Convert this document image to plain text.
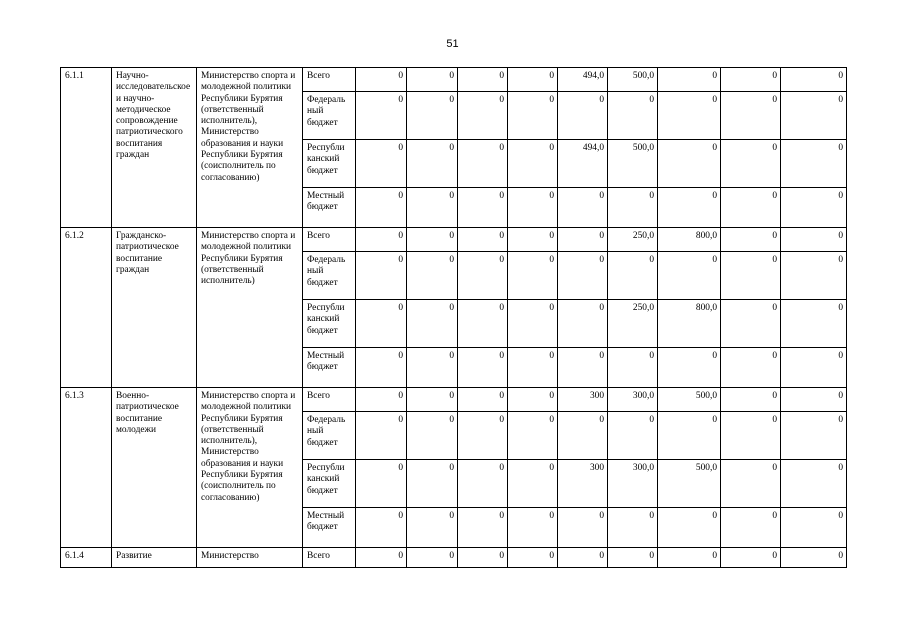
51
6.1.1	Научно-исследовательское и научно-методическое сопровождение патриотического воспитания граждан	Министерство спорта и молодежной политики Республики Бурятия (ответственный исполнитель), Министерство образования и науки Республики Бурятия (соисполнитель по согласованию)	Всего	0	0	0	0	494,0	500,0	0	0	0
			Федераль ный бюджет	0	0	0	0	0	0	0	0	0
			Республи канский бюджет	0	0	0	0	494,0	500,0	0	0	0
			Местный бюджет	0	0	0	0	0	0	0	0	0
6.1.2	Гражданско-патриотическое воспитание граждан	Министерство спорта и молодежной политики Республики Бурятия (ответственный исполнитель)	Всего	0	0	0	0	0	250,0	800,0	0	0
			Федераль ный бюджет	0	0	0	0	0	0	0	0	0
			Республи канский бюджет	0	0	0	0	0	250,0	800,0	0	0
			Местный бюджет	0	0	0	0	0	0	0	0	0
6.1.3	Военно-патриотическое воспитание молодежи	Министерство спорта и молодежной политики Республики Бурятия (ответственный исполнитель), Министерство образования и науки Республики Бурятия (соисполнитель по согласованию)	Всего	0	0	0	0	300	300,0	500,0	0	0
			Федераль ный бюджет	0	0	0	0	0	0	0	0	0
			Республи канский бюджет	0	0	0	0	300	300,0	500,0	0	0
			Местный бюджет	0	0	0	0	0	0	0	0	0
6.1.4	Развитие	Министерство	Всего	0	0	0	0	0	0	0	0	0
